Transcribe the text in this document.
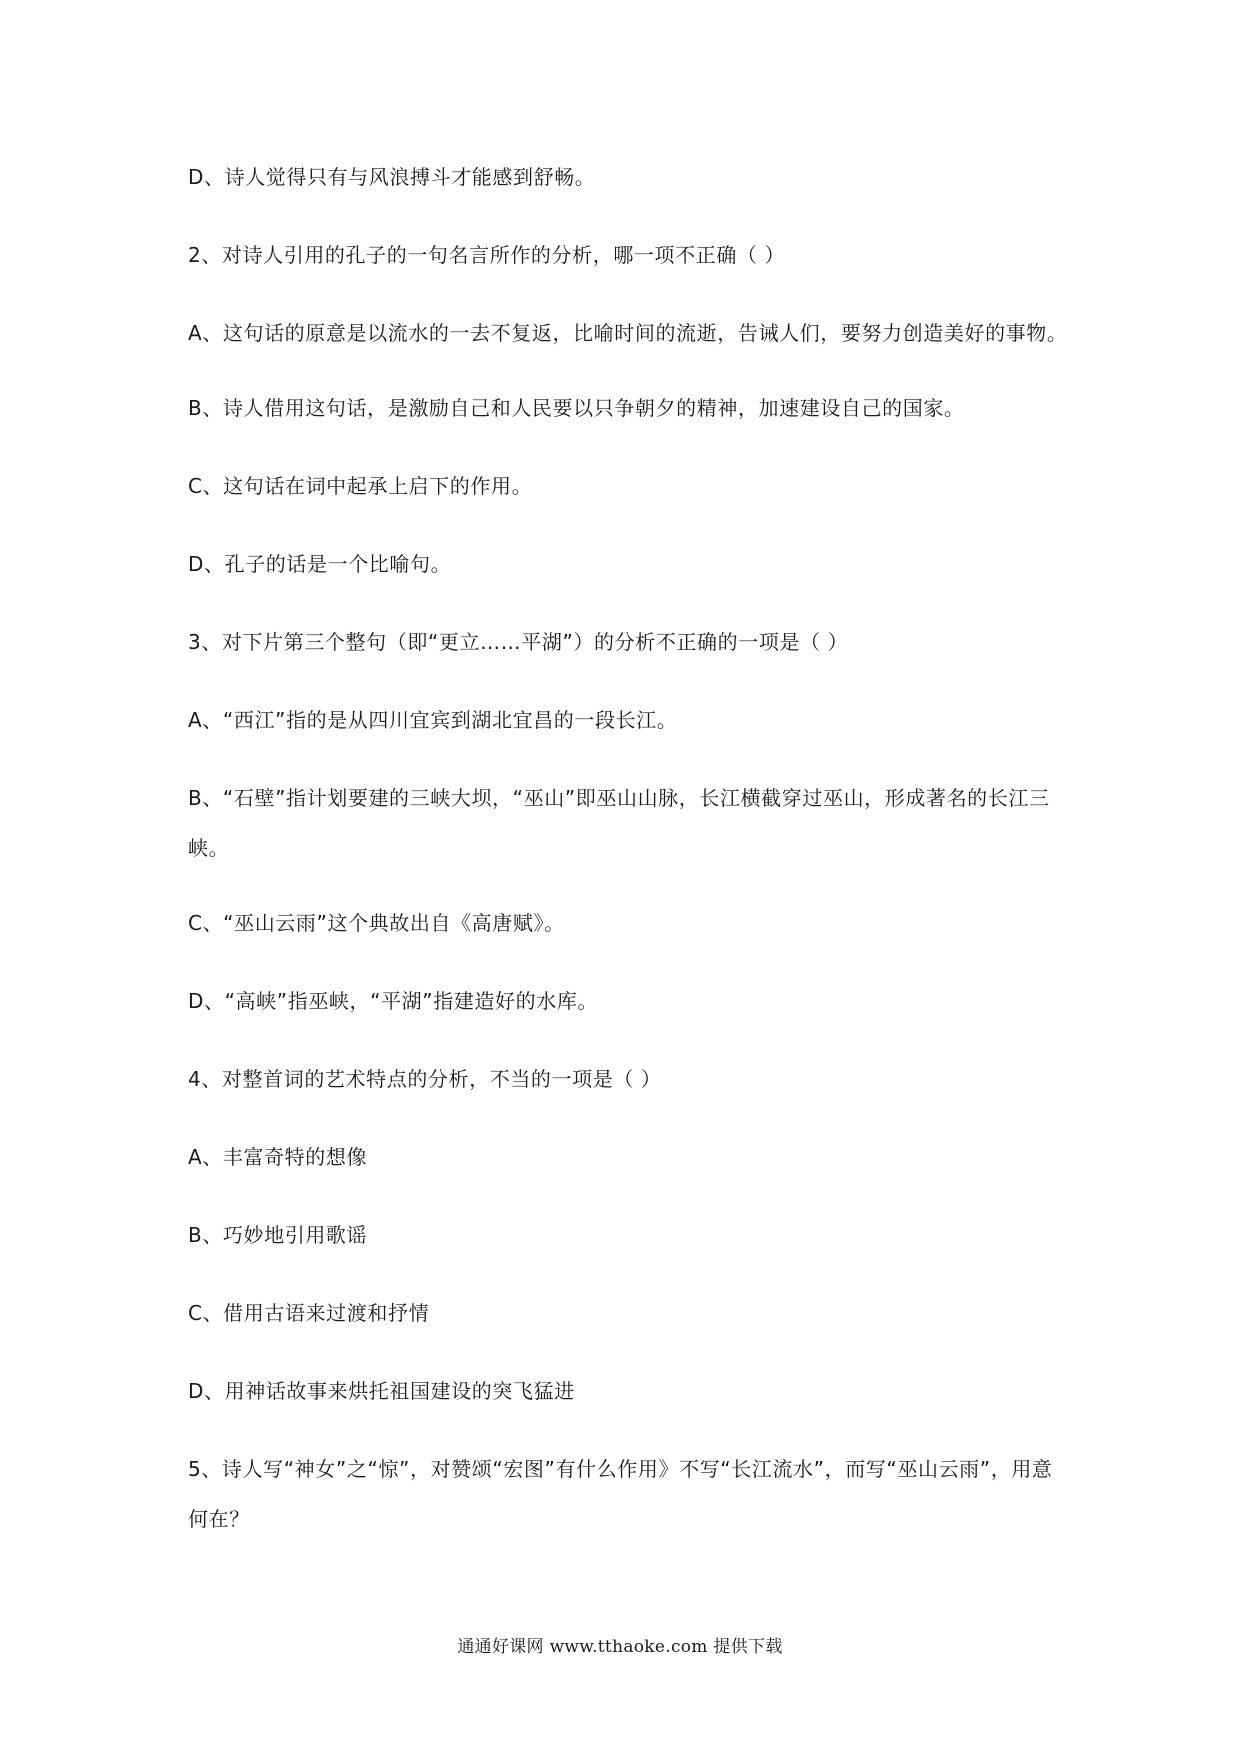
D、诗人觉得只有与风浪搏斗才能感到舒畅。

2、对诗人引用的孔子的一句名言所作的分析，哪一项不正确（ ）

A、这句话的原意是以流水的一去不复返，比喻时间的流逝，告诫人们，要努力创造美好的事物。

B、诗人借用这句话，是激励自己和人民要以只争朝夕的精神，加速建设自己的国家。

C、这句话在词中起承上启下的作用。

D、孔子的话是一个比喻句。

3、对下片第三个整句（即“更立……平湖”）的分析不正确的一项是（ ）

A、“西江”指的是从四川宜宾到湖北宜昌的一段长江。

B、“石壁”指计划要建的三峡大坝，“巫山”即巫山山脉，长江横截穿过巫山，形成著名的长江三峡。

C、“巫山云雨”这个典故出自《高唐赋》。

D、“高峡”指巫峡，“平湖”指建造好的水库。

4、对整首词的艺术特点的分析，不当的一项是（ ）

A、丰富奇特的想像

B、巧妙地引用歌谣

C、借用古语来过渡和抒情

D、用神话故事来烘托祖国建设的突飞猛进

5、诗人写“神女”之“惊”，对赞颂“宏图”有什么作用》不写“长江流水”，而写“巫山云雨”，用意何在？

通通好课网 www.tthaoke.com 提供下载
